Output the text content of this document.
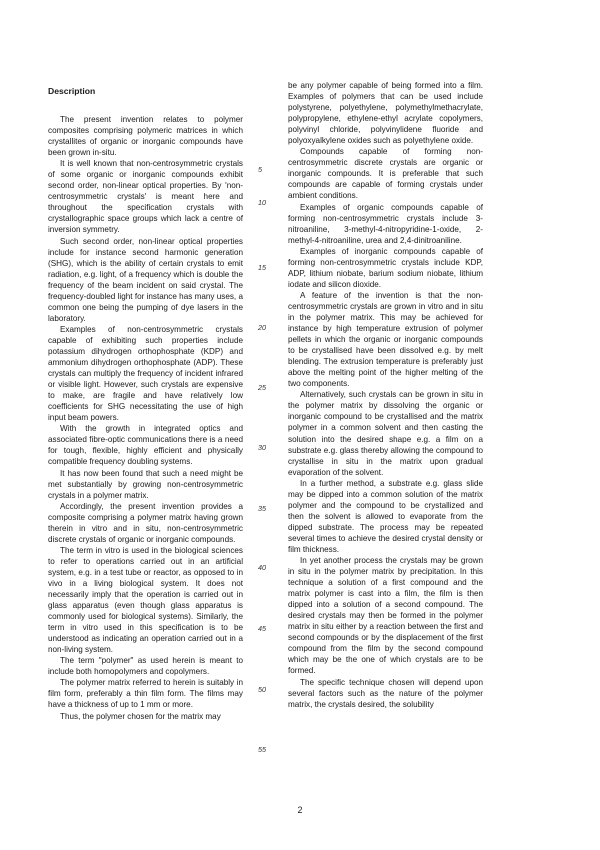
Description

The present invention relates to polymer composites comprising polymeric matrices in which crystallites of organic or inorganic compounds have been grown in-situ.

It is well known that non-centrosymmetric crystals of some organic or inorganic compounds exhibit second order, non-linear optical properties. By 'non-centrosymmetric crystals' is meant here and throughout the specification crystals with crystallographic space groups which lack a centre of inversion symmetry.

Such second order, non-linear optical properties include for instance second harmonic generation (SHG), which is the ability of certain crystals to emit radiation, e.g. light, of a frequency which is double the frequency of the beam incident on said crystal. The frequency-doubled light for instance has many uses, a common one being the pumping of dye lasers in the laboratory.

Examples of non-centrosymmetric crystals capable of exhibiting such properties include potassium dihydrogen orthophosphate (KDP) and ammonium dihydrogen orthophosphate (ADP). These crystals can multiply the frequency of incident infrared or visible light. However, such crystals are expensive to make, are fragile and have relatively low coefficients for SHG necessitating the use of high input beam powers.

With the growth in integrated optics and associated fibre-optic communications there is a need for tough, flexible, highly efficient and physically compatible frequency doubling systems.

It has now been found that such a need might be met substantially by growing non-centrosymmetric crystals in a polymer matrix.

Accordingly, the present invention provides a composite comprising a polymer matrix having grown therein in vitro and in situ, non-centrosymmetric discrete crystals of organic or inorganic compounds.

The term in vitro is used in the biological sciences to refer to operations carried out in an artificial system, e.g. in a test tube or reactor, as opposed to in vivo in a living biological system. It does not necessarily imply that the operation is carried out in glass apparatus (even though glass apparatus is commonly used for biological systems). Similarly, the term in vitro used in this specification is to be understood as indicating an operation carried out in a non-living system.

The term "polymer" as used herein is meant to include both homopolymers and copolymers.

The polymer matrix referred to herein is suitably in film form, preferably a thin film form. The films may have a thickness of up to 1 mm or more.

Thus, the polymer chosen for the matrix may

5
10
15
20
25
30
35
40
45
50
55

be any polymer capable of being formed into a film. Examples of polymers that can be used include polystyrene, polyethylene, polymethylmethacrylate, polypropylene, ethylene-ethyl acrylate copolymers, polyvinyl chloride, polyvinylidene fluoride and polyoxyalkylene oxides such as polyethylene oxide.

Compounds capable of forming non-centrosymmetric discrete crystals are organic or inorganic compounds. It is preferable that such compounds are capable of forming crystals under ambient conditions.

Examples of organic compounds capable of forming non-centrosymmetric crystals include 3-nitroaniline, 3-methyl-4-nitropyridine-1-oxide, 2-methyl-4-nitroaniline, urea and 2,4-dinitroaniline.

Examples of inorganic compounds capable of forming non-centrosymmetric crystals include KDP, ADP, lithium niobate, barium sodium niobate, lithium iodate and silicon dioxide.

A feature of the invention is that the non-centrosymmetric crystals are grown in vitro and in situ in the polymer matrix. This may be achieved for instance by high temperature extrusion of polymer pellets in which the organic or inorganic compounds to be crystallised have been dissolved e.g. by melt blending. The extrusion temperature is preferably just above the melting point of the higher melting of the two components.

Alternatively, such crystals can be grown in situ in the polymer matrix by dissolving the organic or inorganic compound to be crystallised and the matrix polymer in a common solvent and then casting the solution into the desired shape e.g. a film on a substrate e.g. glass thereby allowing the compound to crystallise in situ in the matrix upon gradual evaporation of the solvent.

In a further method, a substrate e.g. glass slide may be dipped into a common solution of the matrix polymer and the compound to be crystallized and then the solvent is allowed to evaporate from the dipped substrate. The process may be repeated several times to achieve the desired crystal density or film thickness.

In yet another process the crystals may be grown in situ in the polymer matrix by precipitation. In this technique a solution of a first compound and the matrix polymer is cast into a film, the film is then dipped into a solution of a second compound. The desired crystals may then be formed in the polymer matrix in situ either by a reaction between the first and second compounds or by the displacement of the first compound from the film by the second compound which may be the one of which crystals are to be formed.

The specific technique chosen will depend upon several factors such as the nature of the polymer matrix, the crystals desired, the solubility

2
